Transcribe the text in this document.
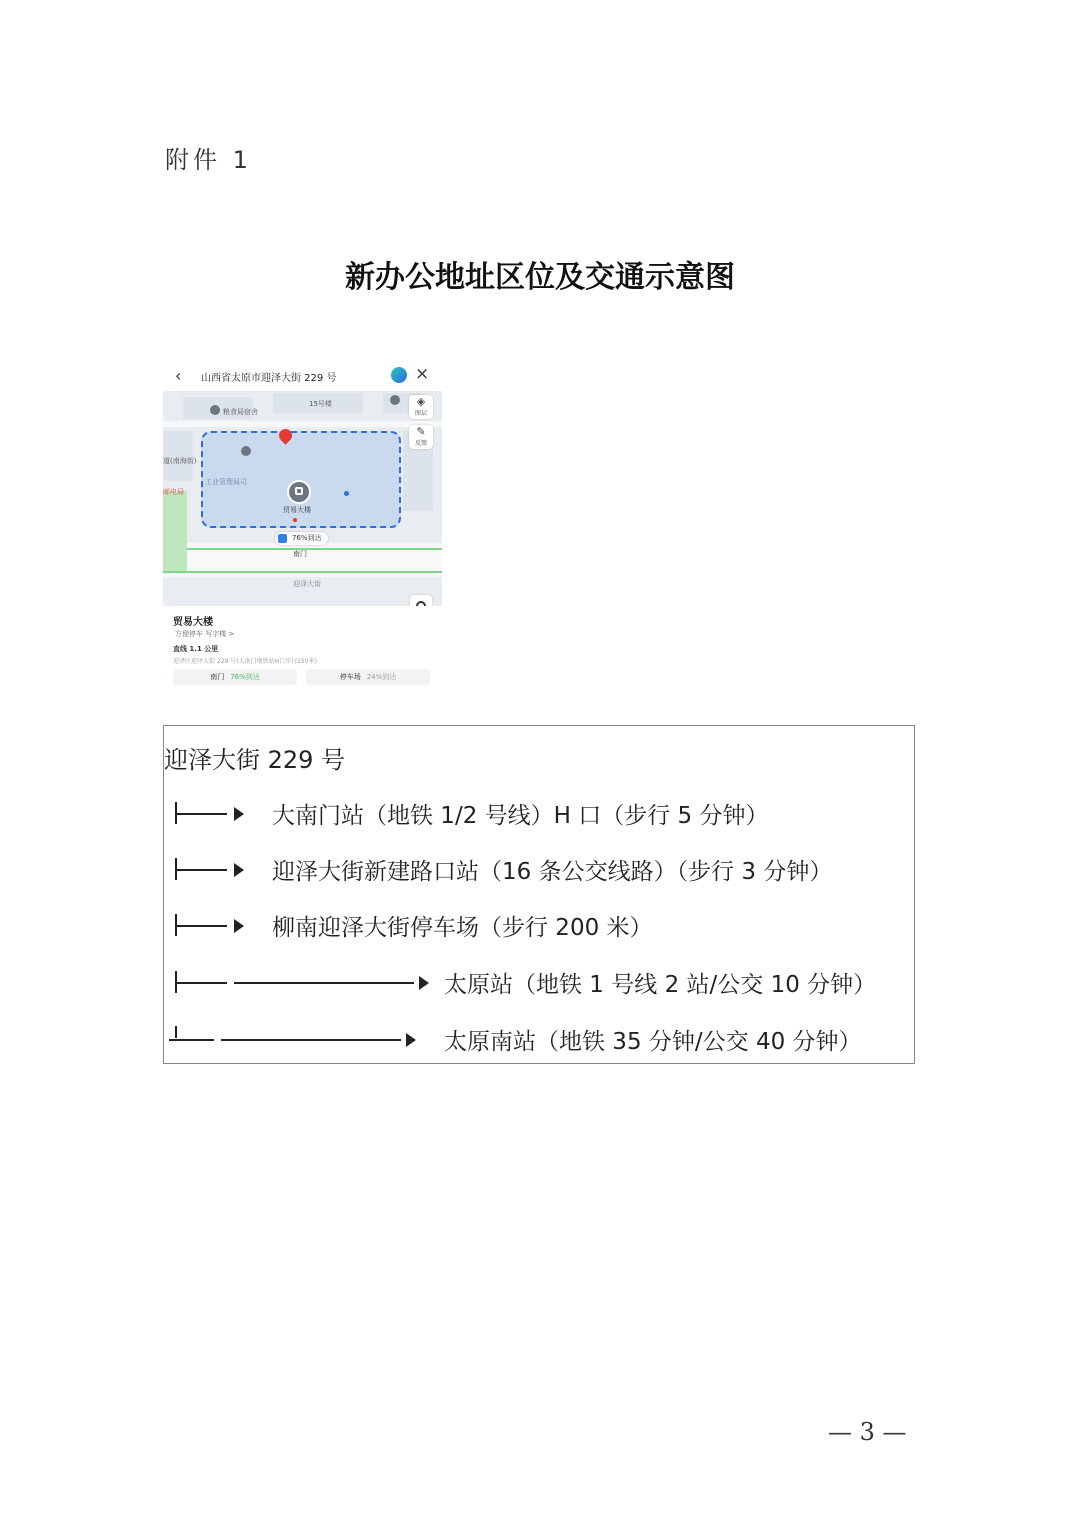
附件 1
新办公地址区位及交通示意图
‹ 山西省太原市迎泽大街 229 号	×
粮食局宿舍
15号楼
道(南海街)
工业管理局司
贸易大楼
邮电局
76%到达
南门
迎泽大街
◈
图层
✎
反馈
贸易大楼
方便停车 写字楼 >
直线 1.1 公里
迎泽区迎泽大街 229 号(大南门地铁站H口步行150米)
南门 76%到达	停车场 24%到达
迎泽大街 229 号
大南门站（地铁 1/2 号线）H 口（步行 5 分钟）
迎泽大街新建路口站（16 条公交线路）（步行 3 分钟）
柳南迎泽大街停车场（步行 200 米）
太原站（地铁 1 号线 2 站/公交 10 分钟）
太原南站（地铁 35 分钟/公交 40 分钟）
— 3 —
